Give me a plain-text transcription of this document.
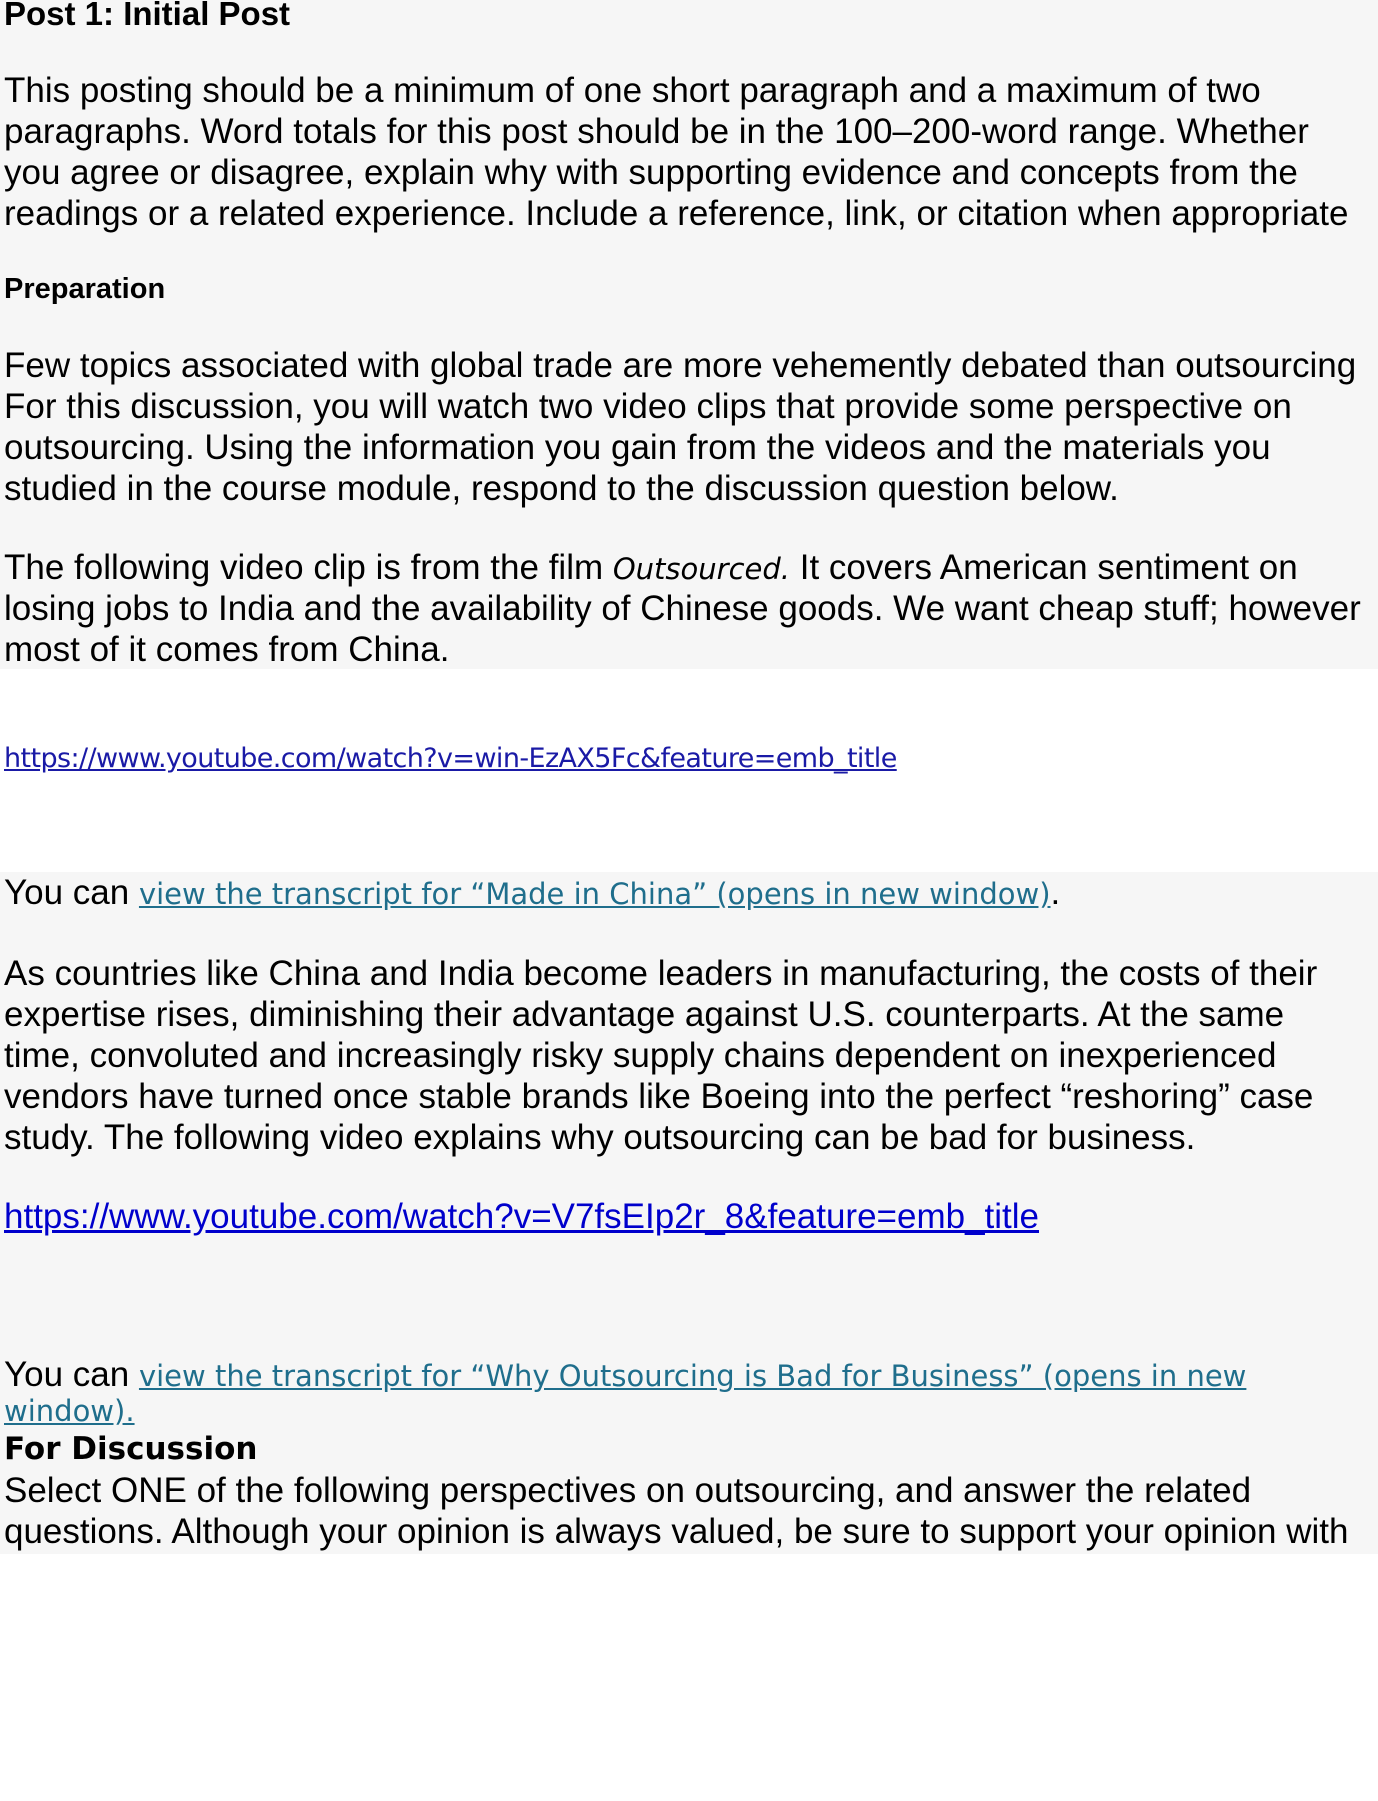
Post 1: Initial Post
This posting should be a minimum of one short paragraph and a maximum of two
paragraphs. Word totals for this post should be in the 100–200-word range. Whether
you agree or disagree, explain why with supporting evidence and concepts from the
readings or a related experience. Include a reference, link, or citation when appropriate
Preparation
Few topics associated with global trade are more vehemently debated than outsourcing
For this discussion, you will watch two video clips that provide some perspective on
outsourcing. Using the information you gain from the videos and the materials you
studied in the course module, respond to the discussion question below.
The following video clip is from the film Outsourced. It covers American sentiment on
losing jobs to India and the availability of Chinese goods. We want cheap stuff; however
most of it comes from China.
https://www.youtube.com/watch?v=win-EzAX5Fc&feature=emb_title
You can view the transcript for “Made in China” (opens in new window).
As countries like China and India become leaders in manufacturing, the costs of their
expertise rises, diminishing their advantage against U.S. counterparts. At the same
time, convoluted and increasingly risky supply chains dependent on inexperienced
vendors have turned once stable brands like Boeing into the perfect “reshoring” case
study. The following video explains why outsourcing can be bad for business.
https://www.youtube.com/watch?v=V7fsEIp2r_8&feature=emb_title
You can view the transcript for “Why Outsourcing is Bad for Business” (opens in new
window).
For Discussion
Select ONE of the following perspectives on outsourcing, and answer the related
questions. Although your opinion is always valued, be sure to support your opinion with
